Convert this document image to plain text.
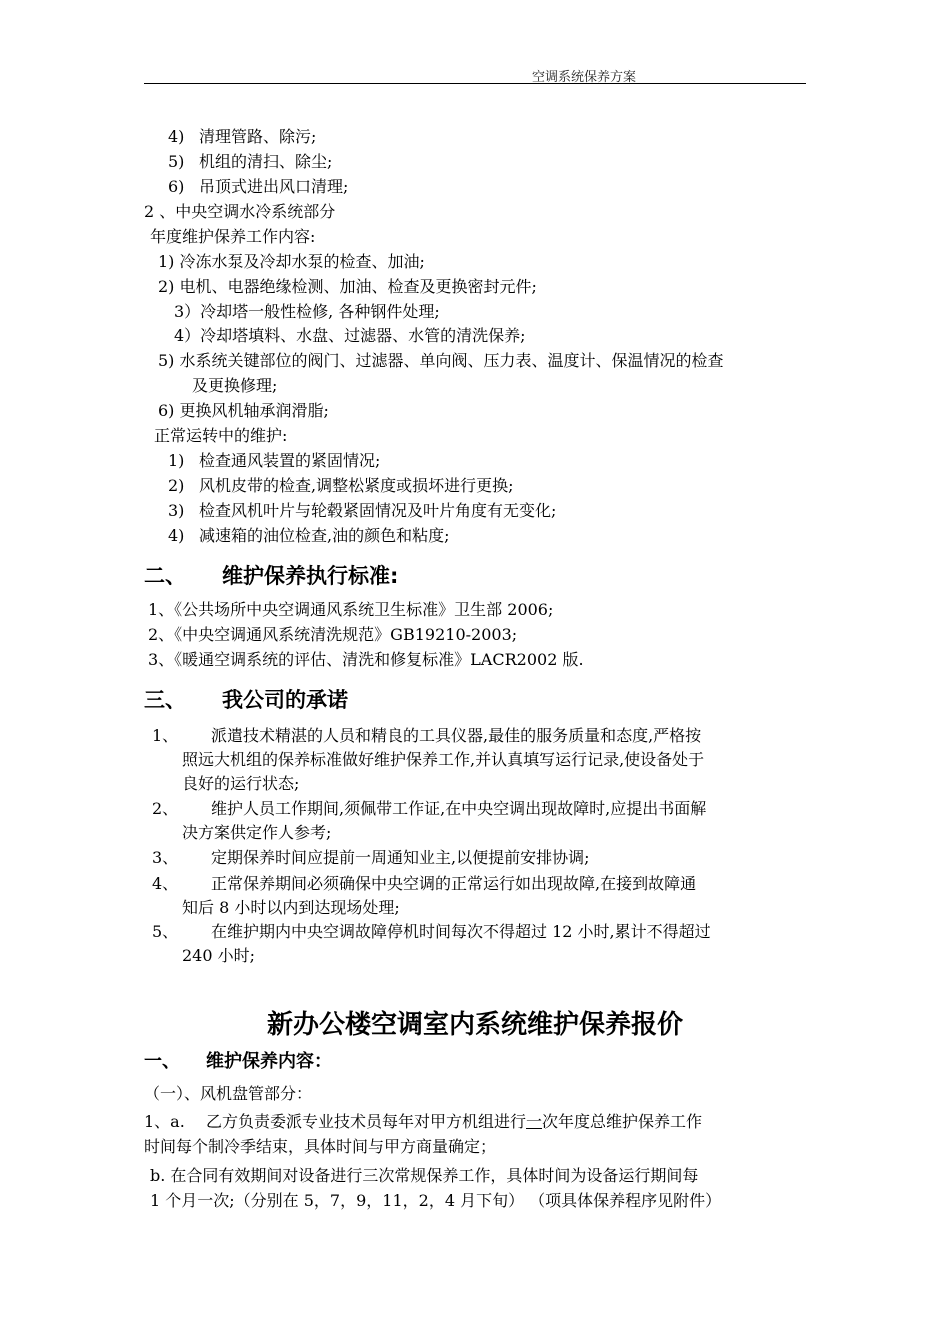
空调系统保养方案
4) 清理管路、除污;
5) 机组的清扫、除尘;
6) 吊顶式进出风口清理;
2 、中央空调水冷系统部分
年度维护保养工作内容:
1) 冷冻水泵及冷却水泵的检查、加油;
2) 电机、电器绝缘检测、加油、检查及更换密封元件;
3）冷却塔一般性检修, 各种钢件处理;
4）冷却塔填料、水盘、过滤器、水管的清洗保养;
5) 水系统关键部位的阀门、过滤器、单向阀、压力表、温度计、保温情况的检查
及更换修理;
6) 更换风机轴承润滑脂;
正常运转中的维护:
1) 检查通风装置的紧固情况;
2) 风机皮带的检查,调整松紧度或损坏进行更换;
3) 检查风机叶片与轮毂紧固情况及叶片角度有无变化;
4) 减速箱的油位检查,油的颜色和粘度;
二、 维护保养执行标准:
1、《公共场所中央空调通风系统卫生标准》卫生部 2006;
2、《中央空调通风系统清洗规范》GB19210-2003;
3、《暖通空调系统的评估、清洗和修复标准》LACR2002 版.
三、 我公司的承诺
1、 派遣技术精湛的人员和精良的工具仪器,最佳的服务质量和态度,严格按
照远大机组的保养标准做好维护保养工作,并认真填写运行记录,使设备处于
良好的运行状态;
2、 维护人员工作期间,须佩带工作证,在中央空调出现故障时,应提出书面解
决方案供定作人参考;
3、 定期保养时间应提前一周通知业主,以便提前安排协调;
4、 正常保养期间必须确保中央空调的正常运行如出现故障,在接到故障通
知后 8 小时以内到达现场处理;
5、 在维护期内中央空调故障停机时间每次不得超过 12 小时,累计不得超过
240 小时;
新办公楼空调室内系统维护保养报价
一、 维护保养内容：
（一）、风机盘管部分：
1、a. 乙方负责委派专业技术员每年对甲方机组进行一次年度总维护保养工作
时间每个制冷季结束，具体时间与甲方商量确定；
b. 在合同有效期间对设备进行三次常规保养工作，具体时间为设备运行期间每
1 个月一次;（分别在 5，7，9，11，2，4 月下旬） （项具体保养程序见附件）
